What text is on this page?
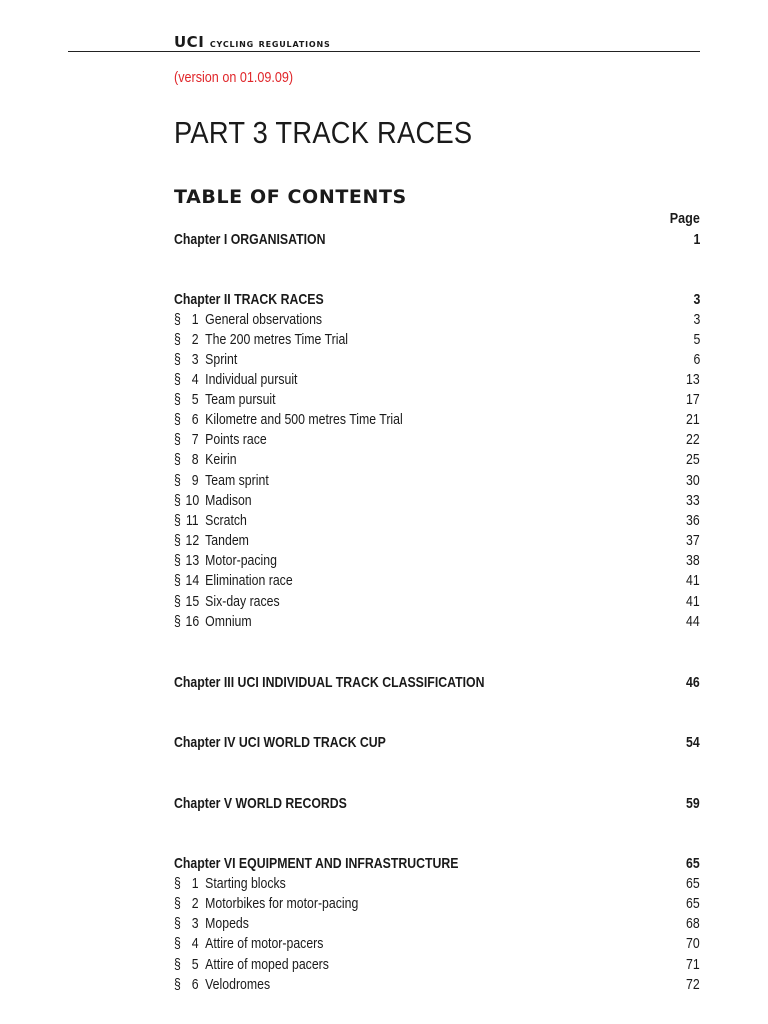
UCI cycling regulations
(version on 01.09.09)
PART 3 TRACK RACES
TABLE OF CONTENTS
Page
Chapter I ORGANISATION	1
Chapter II TRACK RACES	3
§ 1 General observations	3
§ 2 The 200 metres Time Trial	5
§ 3 Sprint	6
§ 4 Individual pursuit	13
§ 5 Team pursuit	17
§ 6 Kilometre and 500 metres Time Trial	21
§ 7 Points race	22
§ 8 Keirin	25
§ 9 Team sprint	30
§ 10 Madison	33
§ 11 Scratch	36
§ 12 Tandem	37
§ 13 Motor-pacing	38
§ 14 Elimination race	41
§ 15 Six-day races	41
§ 16 Omnium	44
Chapter III UCI INDIVIDUAL TRACK CLASSIFICATION	46
Chapter IV UCI WORLD TRACK CUP	54
Chapter V WORLD RECORDS	59
Chapter VI EQUIPMENT AND INFRASTRUCTURE	65
§ 1 Starting blocks	65
§ 2 Motorbikes for motor-pacing	65
§ 3 Mopeds	68
§ 4 Attire of motor-pacers	70
§ 5 Attire of moped pacers	71
§ 6 Velodromes	72
